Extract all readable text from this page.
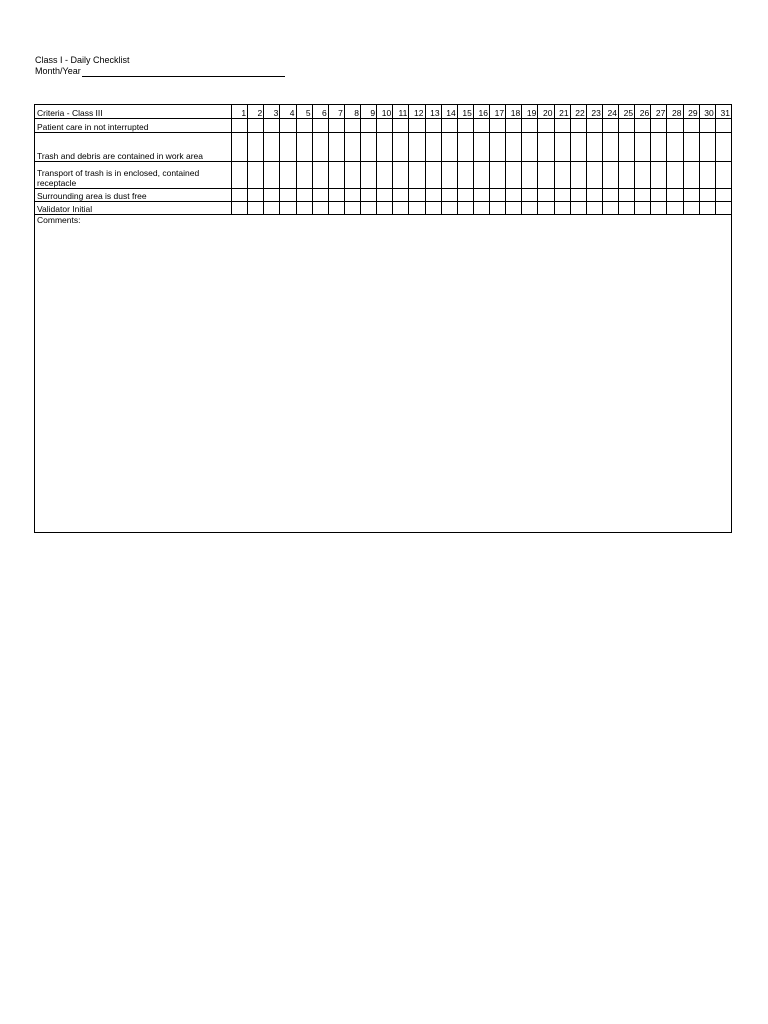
Class I - Daily Checklist
Month/Year
Criteria - Class III	1	2	3	4	5	6	7	8	9	10	11	12	13	14	15	16	17	18	19	20	21	22	23	24	25	26	27	28	29	30	31
Patient care in not interrupted																															
Trash and debris are contained in work area																															
Transport of trash is in enclosed, contained receptacle																															
Surrounding area is dust free																															
Validator Initial																															
Comments:																															
